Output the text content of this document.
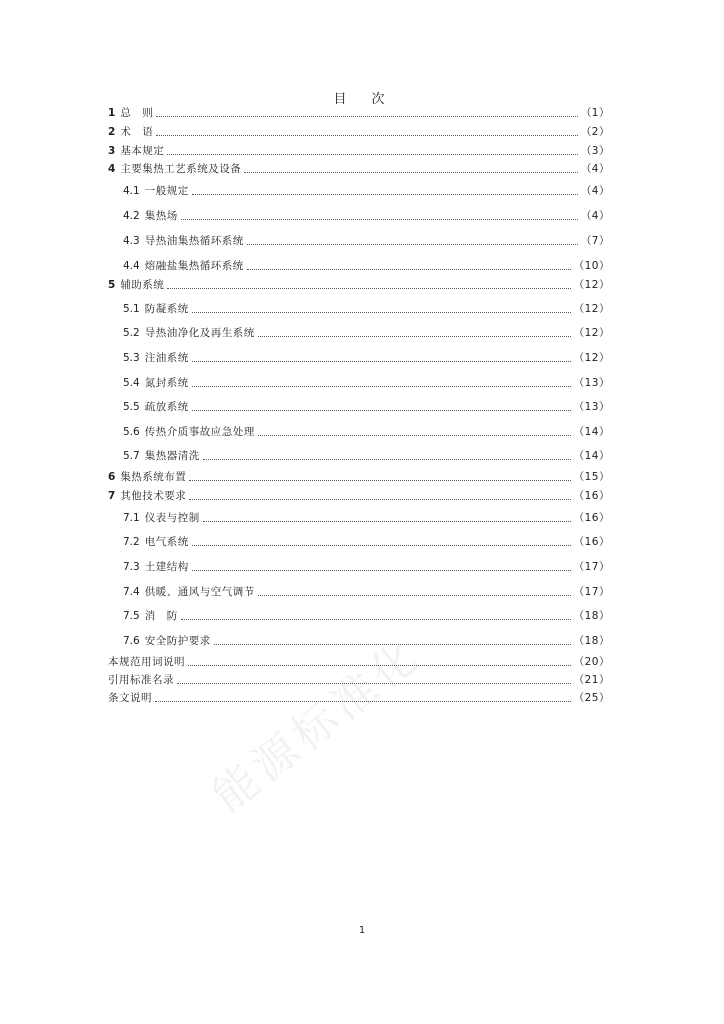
能源标准化
目　次
1 总　则	（1）
2 术　语	（2）
3 基本规定	（3）
4 主要集热工艺系统及设备	（4）
4.1 一般规定	（4）
4.2 集热场	（4）
4.3 导热油集热循环系统	（7）
4.4 熔融盐集热循环系统	（10）
5 辅助系统	（12）
5.1 防凝系统	（12）
5.2 导热油净化及再生系统	（12）
5.3 注油系统	（12）
5.4 氮封系统	（13）
5.5 疏放系统	（13）
5.6 传热介质事故应急处理	（14）
5.7 集热器清洗	（14）
6 集热系统布置	（15）
7 其他技术要求	（16）
7.1 仪表与控制	（16）
7.2 电气系统	（16）
7.3 土建结构	（17）
7.4 供暖、通风与空气调节	（17）
7.5 消　防	（18）
7.6 安全防护要求	（18）
本规范用词说明	（20）
引用标准名录	（21）
条文说明	（25）
1
